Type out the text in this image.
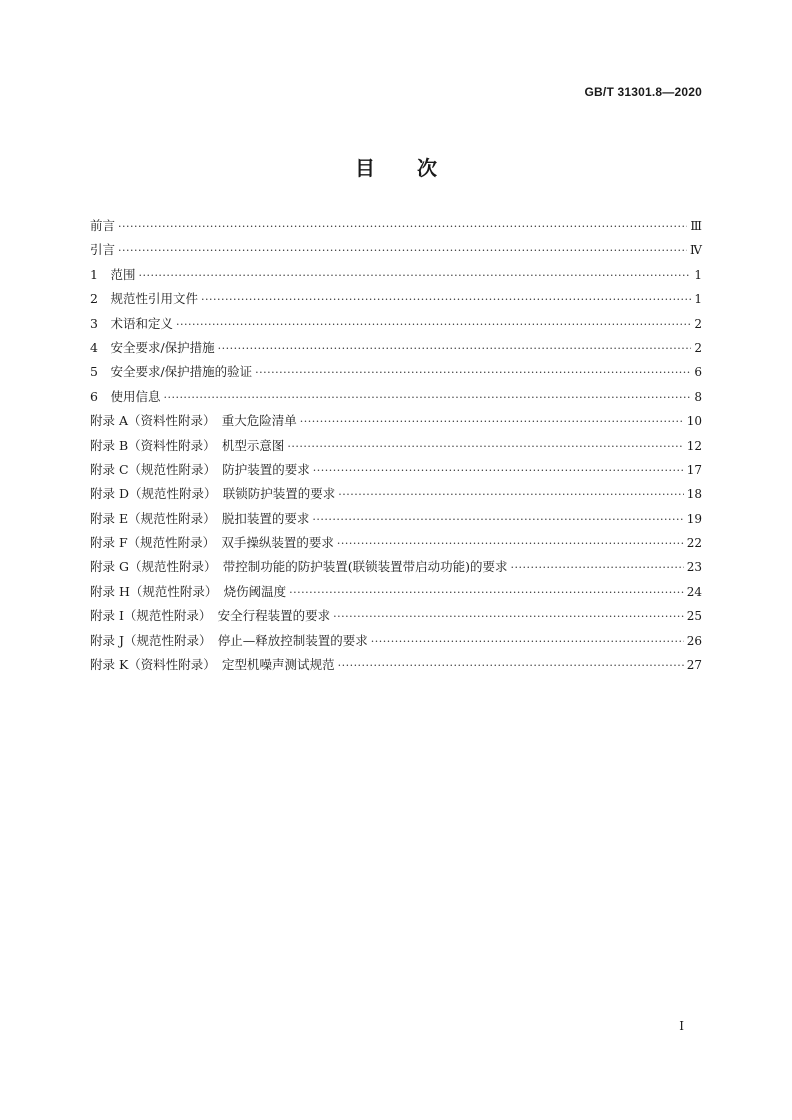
GB/T 31301.8—2020
目 次
前言 ·····	Ⅲ
引言 ·····	Ⅳ
1　范围 ·····	1
2　规范性引用文件 ·····	1
3　术语和定义 ·····	2
4　安全要求/保护措施 ·····	2
5　安全要求/保护措施的验证 ·····	6
6　使用信息 ·····	8
附录 A（资料性附录）　重大危险清单 ·····	10
附录 B（资料性附录）　机型示意图 ·····	12
附录 C（规范性附录）　防护装置的要求 ·····	17
附录 D（规范性附录）　联锁防护装置的要求 ·····	18
附录 E（规范性附录）　脱扣装置的要求 ·····	19
附录 F（规范性附录）　双手操纵装置的要求 ·····	22
附录 G（规范性附录）　带控制功能的防护装置(联锁装置带启动功能)的要求 ·····	23
附录 H（规范性附录）　烧伤阈温度 ·····	24
附录 I（规范性附录）　安全行程装置的要求 ·····	25
附录 J（规范性附录）　停止—释放控制装置的要求 ·····	26
附录 K（资料性附录）　定型机噪声测试规范 ·····	27
Ⅰ
